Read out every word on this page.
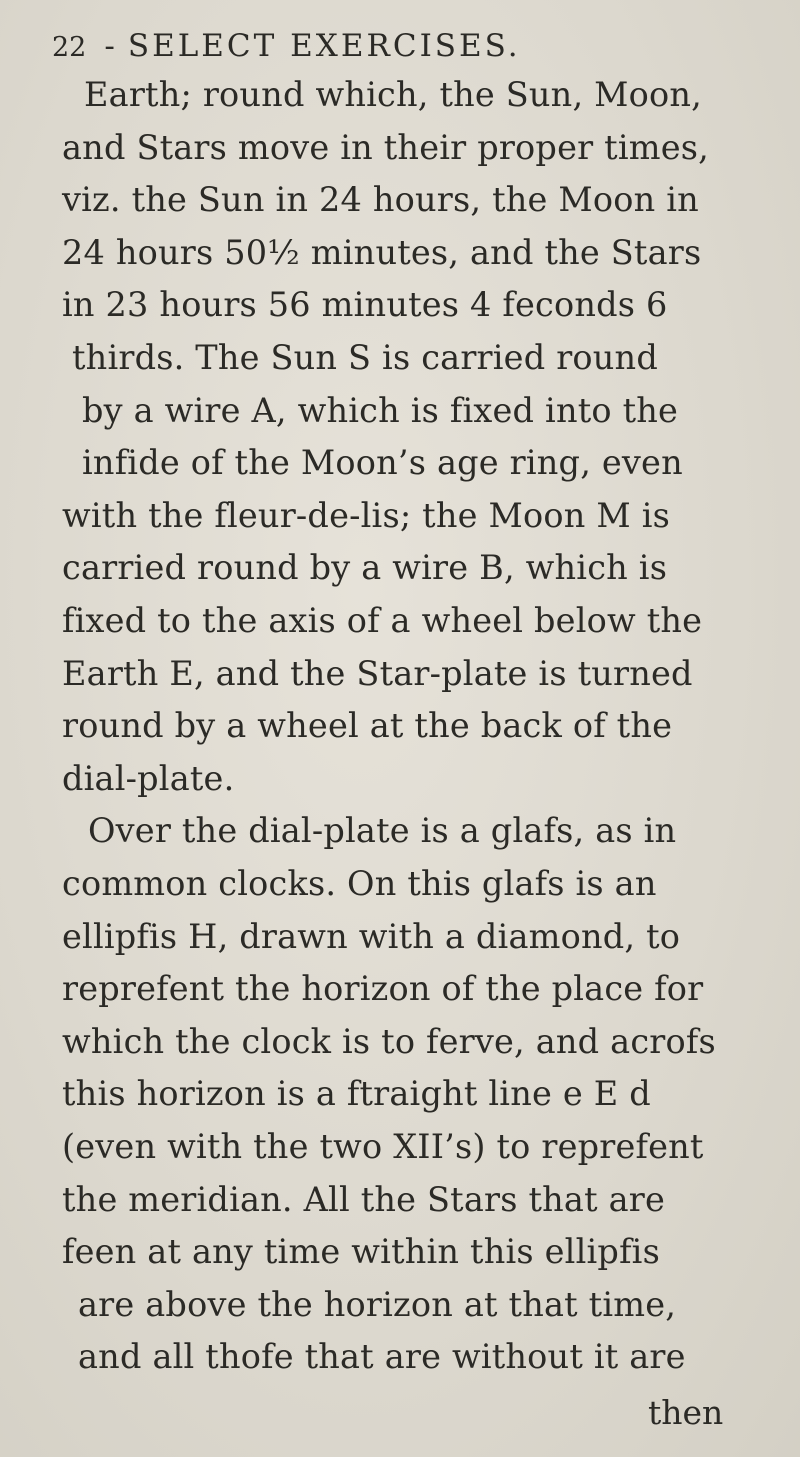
22 - SELECT EXERCISES.
Earth; round which, the Sun, Moon,
and Stars move in their proper times,
viz. the Sun in 24 hours, the Moon in
24 hours 50½ minutes, and the Stars
in 23 hours 56 minutes 4 feconds 6
thirds. The Sun S is carried round
by a wire A, which is fixed into the
infide of the Moon’s age ring, even
with the fleur-de-lis; the Moon M is
carried round by a wire B, which is
fixed to the axis of a wheel below the
Earth E, and the Star-plate is turned
round by a wheel at the back of the
dial-plate.
Over the dial-plate is a glafs, as in
common clocks. On this glafs is an
ellipfis H, drawn with a diamond, to
reprefent the horizon of the place for
which the clock is to ferve, and acrofs
this horizon is a ftraight line e E d
(even with the two XII’s) to reprefent
the meridian. All the Stars that are
feen at any time within this ellipfis
are above the horizon at that time,
and all thofe that are without it are
then
